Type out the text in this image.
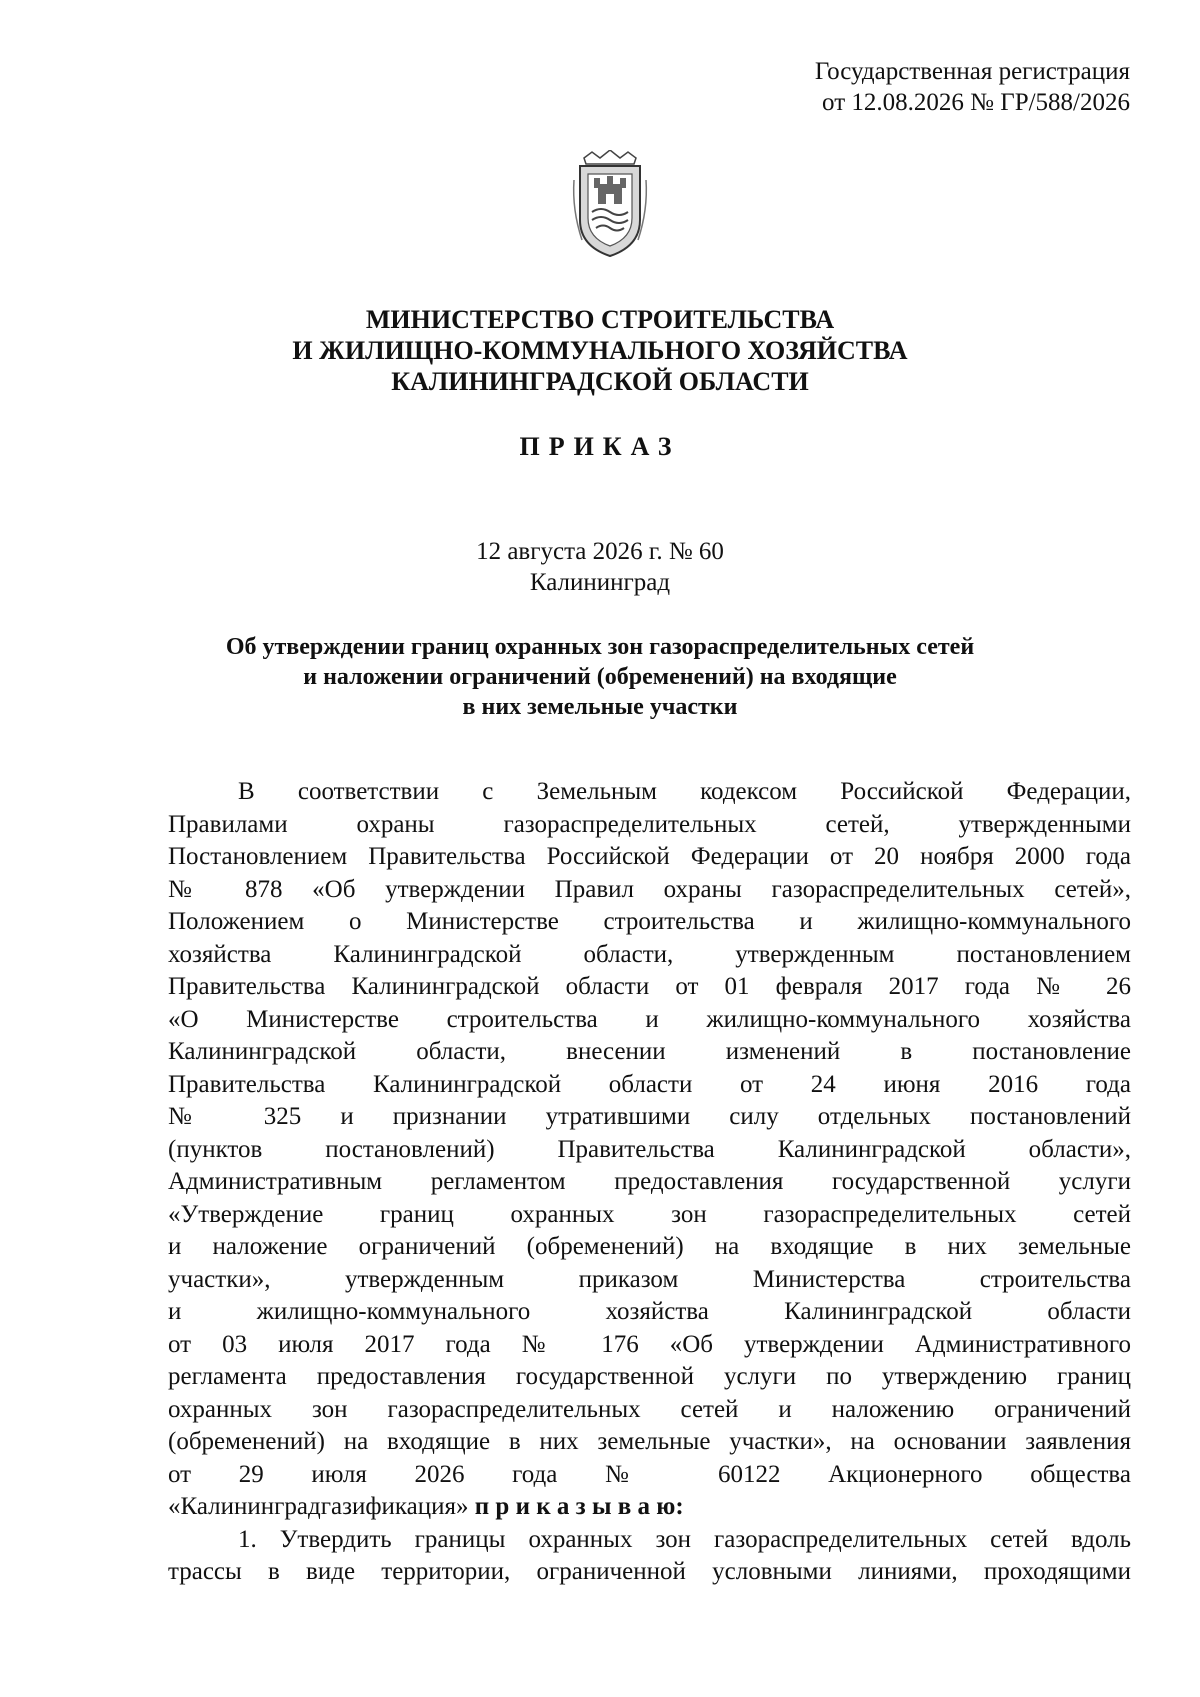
Государственная регистрация
от 12.08.2026 № ГР/588/2026
МИНИСТЕРСТВО СТРОИТЕЛЬСТВА
И ЖИЛИЩНО-КОММУНАЛЬНОГО ХОЗЯЙСТВА
КАЛИНИНГРАДСКОЙ ОБЛАСТИ
ПРИКАЗ
12 августа 2026 г. № 60
Калининград
Об утверждении границ охранных зон газораспределительных сетей
и наложении ограничений (обременений) на входящие
в них земельные участки
В соответствии с Земельным кодексом Российской Федерации,
Правилами охраны газораспределительных сетей, утвержденными
Постановлением Правительства Российской Федерации от 20 ноября 2000 года
№ 878 «Об утверждении Правил охраны газораспределительных сетей»,
Положением о Министерстве строительства и жилищно-коммунального
хозяйства Калининградской области, утвержденным постановлением
Правительства Калининградской области от 01 февраля 2017 года № 26
«О Министерстве строительства и жилищно-коммунального хозяйства
Калининградской области, внесении изменений в постановление
Правительства Калининградской области от 24 июня 2016 года
№ 325 и признании утратившими силу отдельных постановлений
(пунктов постановлений) Правительства Калининградской области»,
Административным регламентом предоставления государственной услуги
«Утверждение границ охранных зон газораспределительных сетей
и наложение ограничений (обременений) на входящие в них земельные
участки», утвержденным приказом Министерства строительства
и жилищно-коммунального хозяйства Калининградской области
от 03 июля 2017 года № 176 «Об утверждении Административного
регламента предоставления государственной услуги по утверждению границ
охранных зон газораспределительных сетей и наложению ограничений
(обременений) на входящие в них земельные участки», на основании заявления
от 29 июля 2026 года № 60122 Акционерного общества
«Калининградгазификация» п р и к а з ы в а ю:
1. Утвердить границы охранных зон газораспределительных сетей вдоль
трассы в виде территории, ограниченной условными линиями, проходящими
